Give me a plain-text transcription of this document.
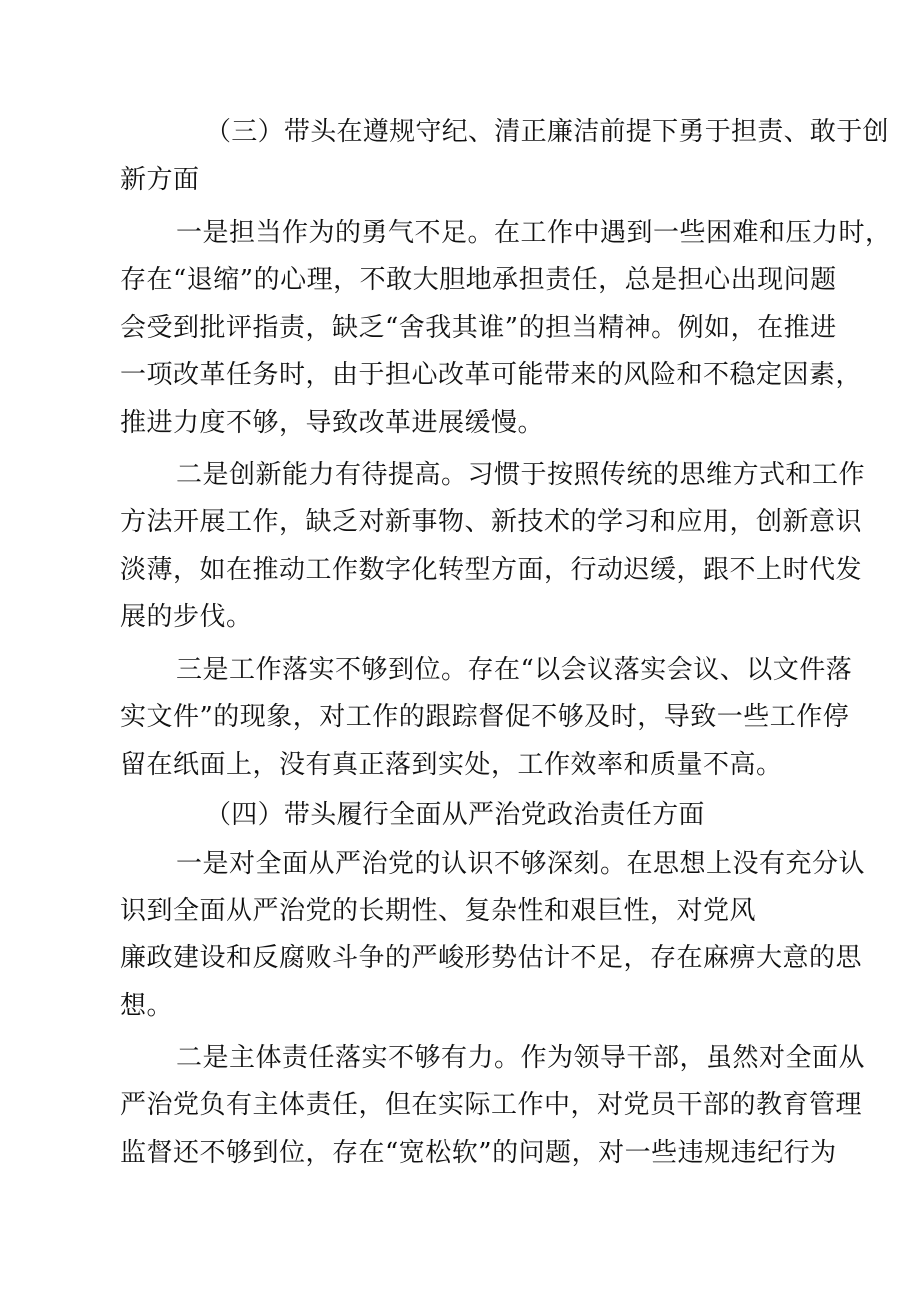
（三）带头在遵规守纪、清正廉洁前提下勇于担责、敢于创
新方面
一是担当作为的勇气不足。在工作中遇到一些困难和压力时，
存在“退缩”的心理，不敢大胆地承担责任，总是担心出现问题
会受到批评指责，缺乏“舍我其谁”的担当精神。例如，在推进
一项改革任务时，由于担心改革可能带来的风险和不稳定因素，
推进力度不够，导致改革进展缓慢。
二是创新能力有待提高。习惯于按照传统的思维方式和工作
方法开展工作，缺乏对新事物、新技术的学习和应用，创新意识
淡薄，如在推动工作数字化转型方面，行动迟缓，跟不上时代发
展的步伐。
三是工作落实不够到位。存在“以会议落实会议、以文件落
实文件”的现象，对工作的跟踪督促不够及时，导致一些工作停
留在纸面上，没有真正落到实处，工作效率和质量不高。
（四）带头履行全面从严治党政治责任方面
一是对全面从严治党的认识不够深刻。在思想上没有充分认
识到全面从严治党的长期性、复杂性和艰巨性，对党风
廉政建设和反腐败斗争的严峻形势估计不足，存在麻痹大意的思
想。
二是主体责任落实不够有力。作为领导干部，虽然对全面从
严治党负有主体责任，但在实际工作中，对党员干部的教育管理
监督还不够到位，存在“宽松软”的问题，对一些违规违纪行为
